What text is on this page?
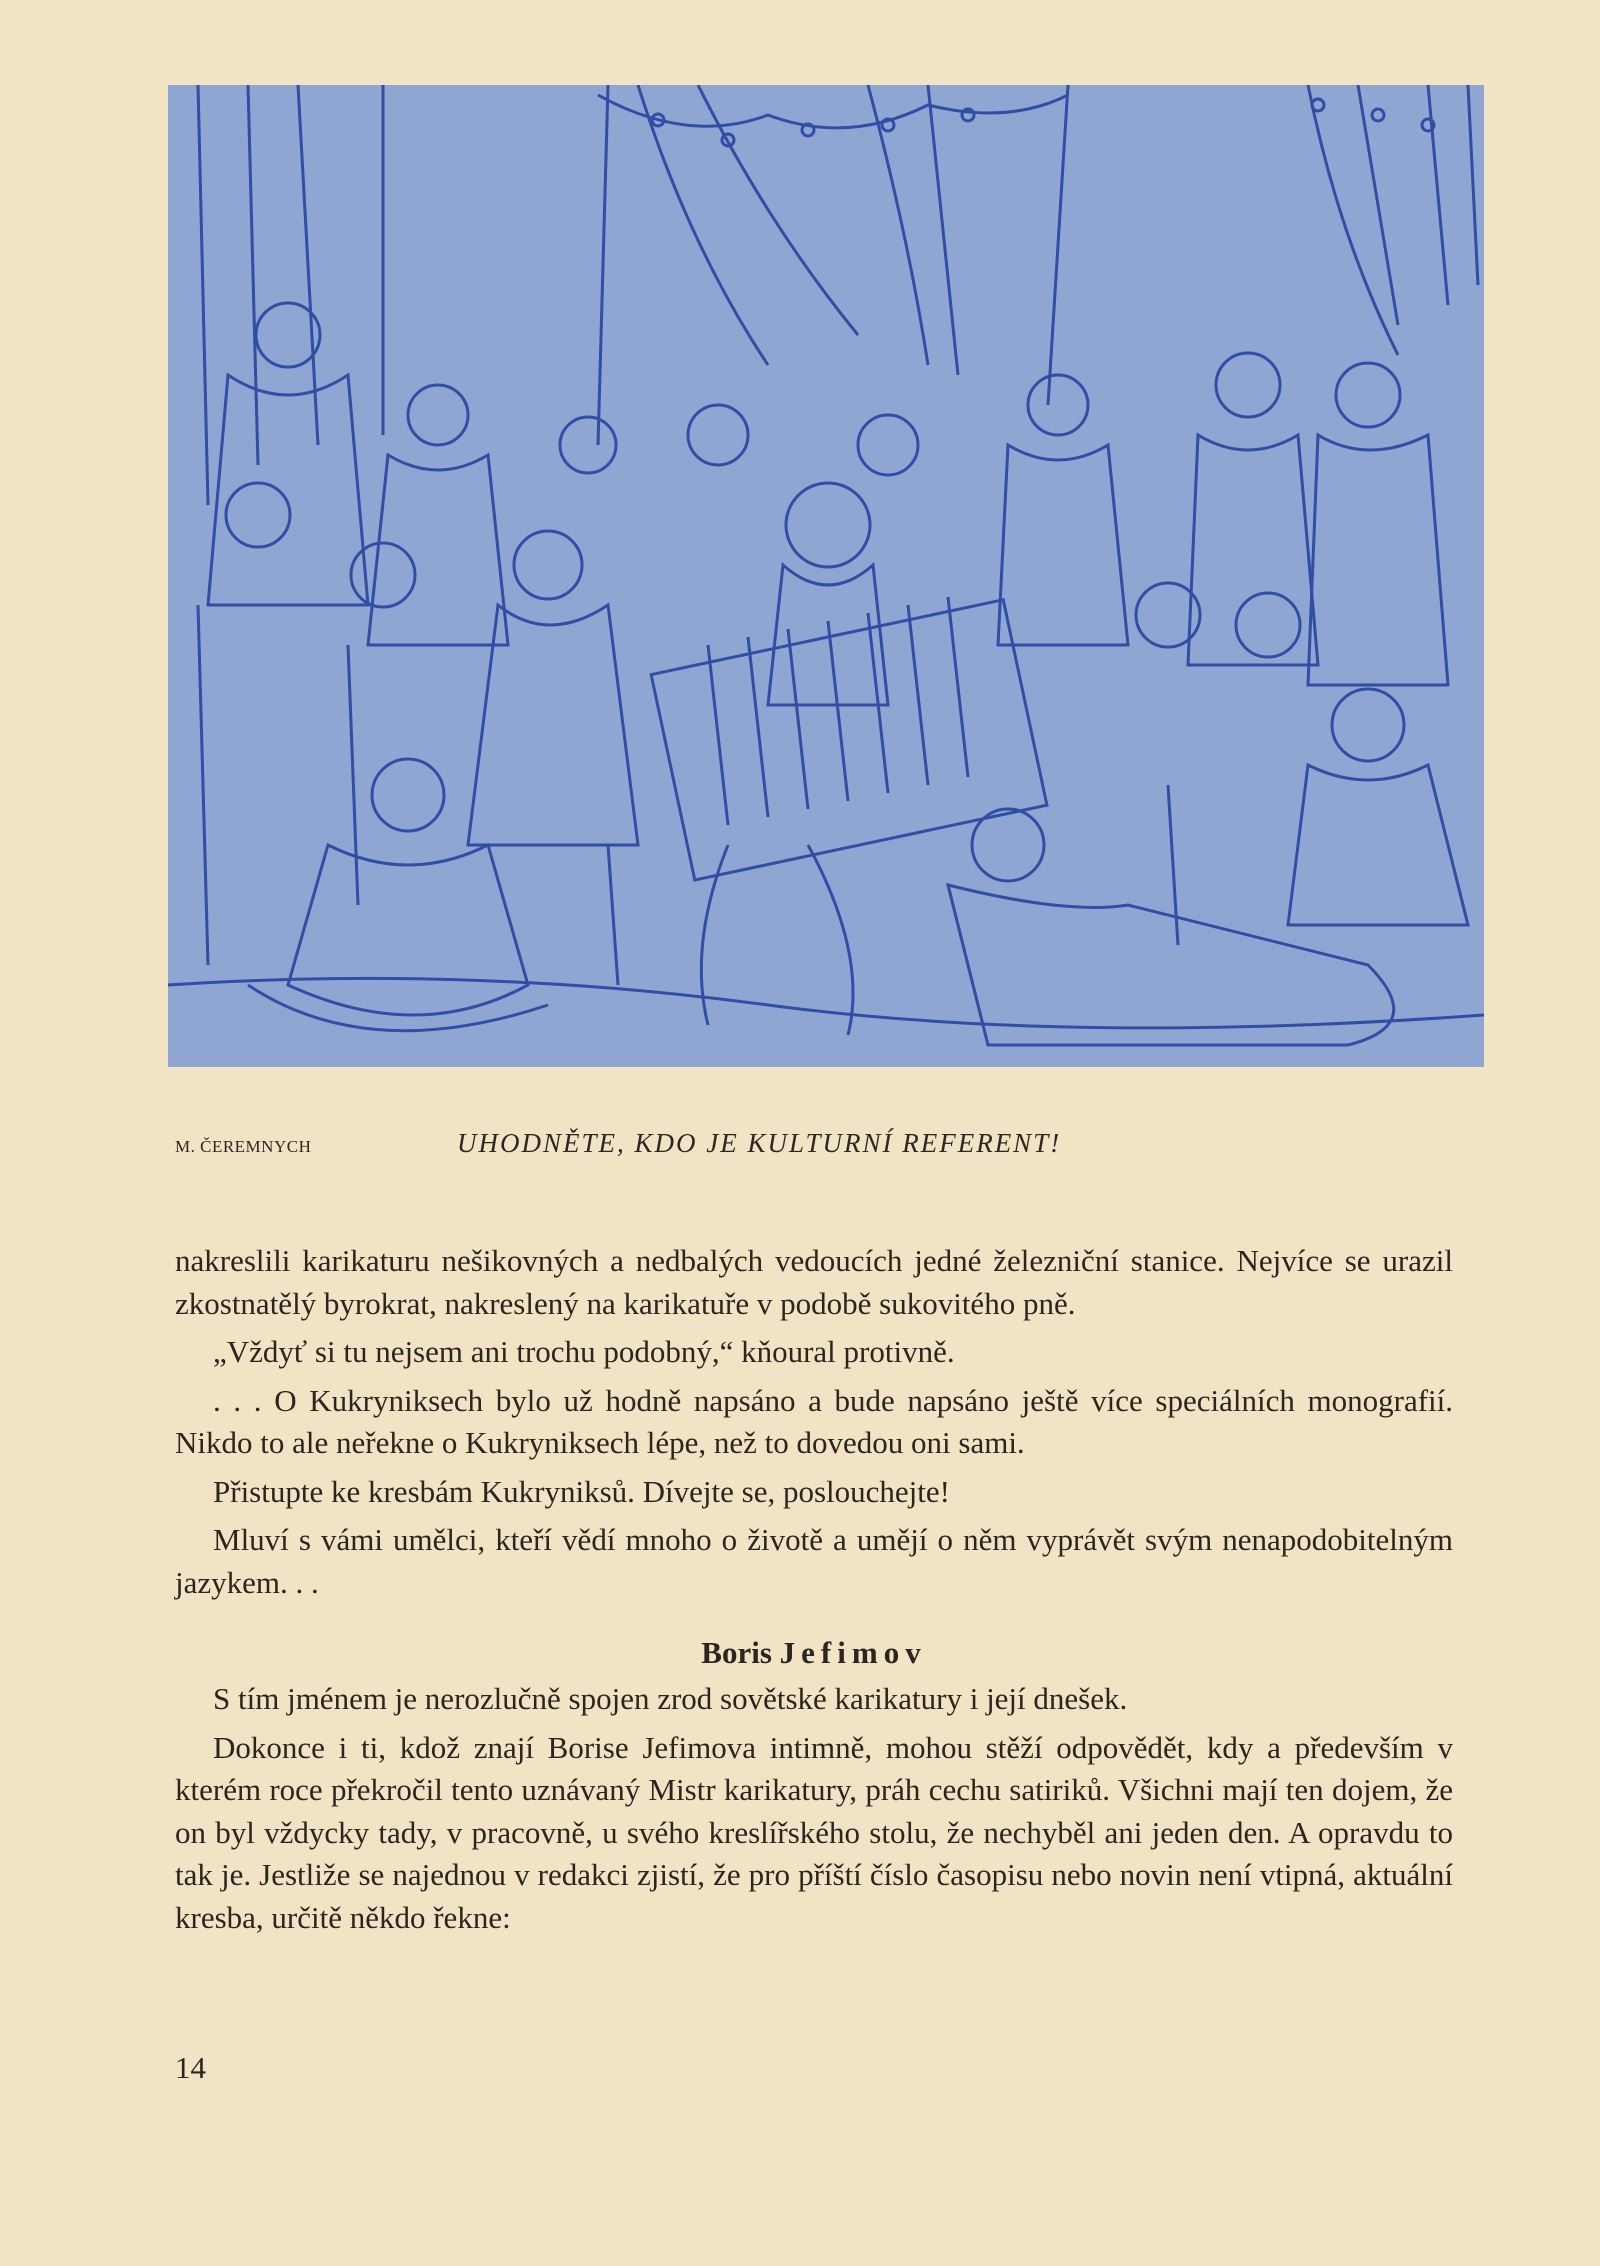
M. ČEREMNYCH	UHODNĚTE, KDO JE KULTURNÍ REFERENT!

nakreslili karikaturu nešikovných a nedbalých vedoucích jedné železniční stanice. Nejvíce se urazil zkostnatělý byrokrat, nakreslený na karikatuře v podobě sukovitého pně.

„Vždyť si tu nejsem ani trochu podobný,“ kňoural protivně.

. . . O Kukryniksech bylo už hodně napsáno a bude napsáno ještě více speciálních monografií. Nikdo to ale neřekne o Kukryniksech lépe, než to dovedou oni sami.

Přistupte ke kresbám Kukryniksů. Dívejte se, poslouchejte!

Mluví s vámi umělci, kteří vědí mnoho o životě a umějí o něm vyprávět svým nenapodobitelným jazykem. . .

Boris Jefimov

S tím jménem je nerozlučně spojen zrod sovětské karikatury i její dnešek.

Dokonce i ti, kdož znají Borise Jefimova intimně, mohou stěží odpovědět, kdy a především v kterém roce překročil tento uznávaný Mistr karikatury, práh cechu satiriků. Všichni mají ten dojem, že on byl vždycky tady, v pracovně, u svého kreslířského stolu, že nechyběl ani jeden den. A opravdu to tak je. Jestliže se najednou v redakci zjistí, že pro příští číslo časopisu nebo novin není vtipná, aktuální kresba, určitě někdo řekne:

14
